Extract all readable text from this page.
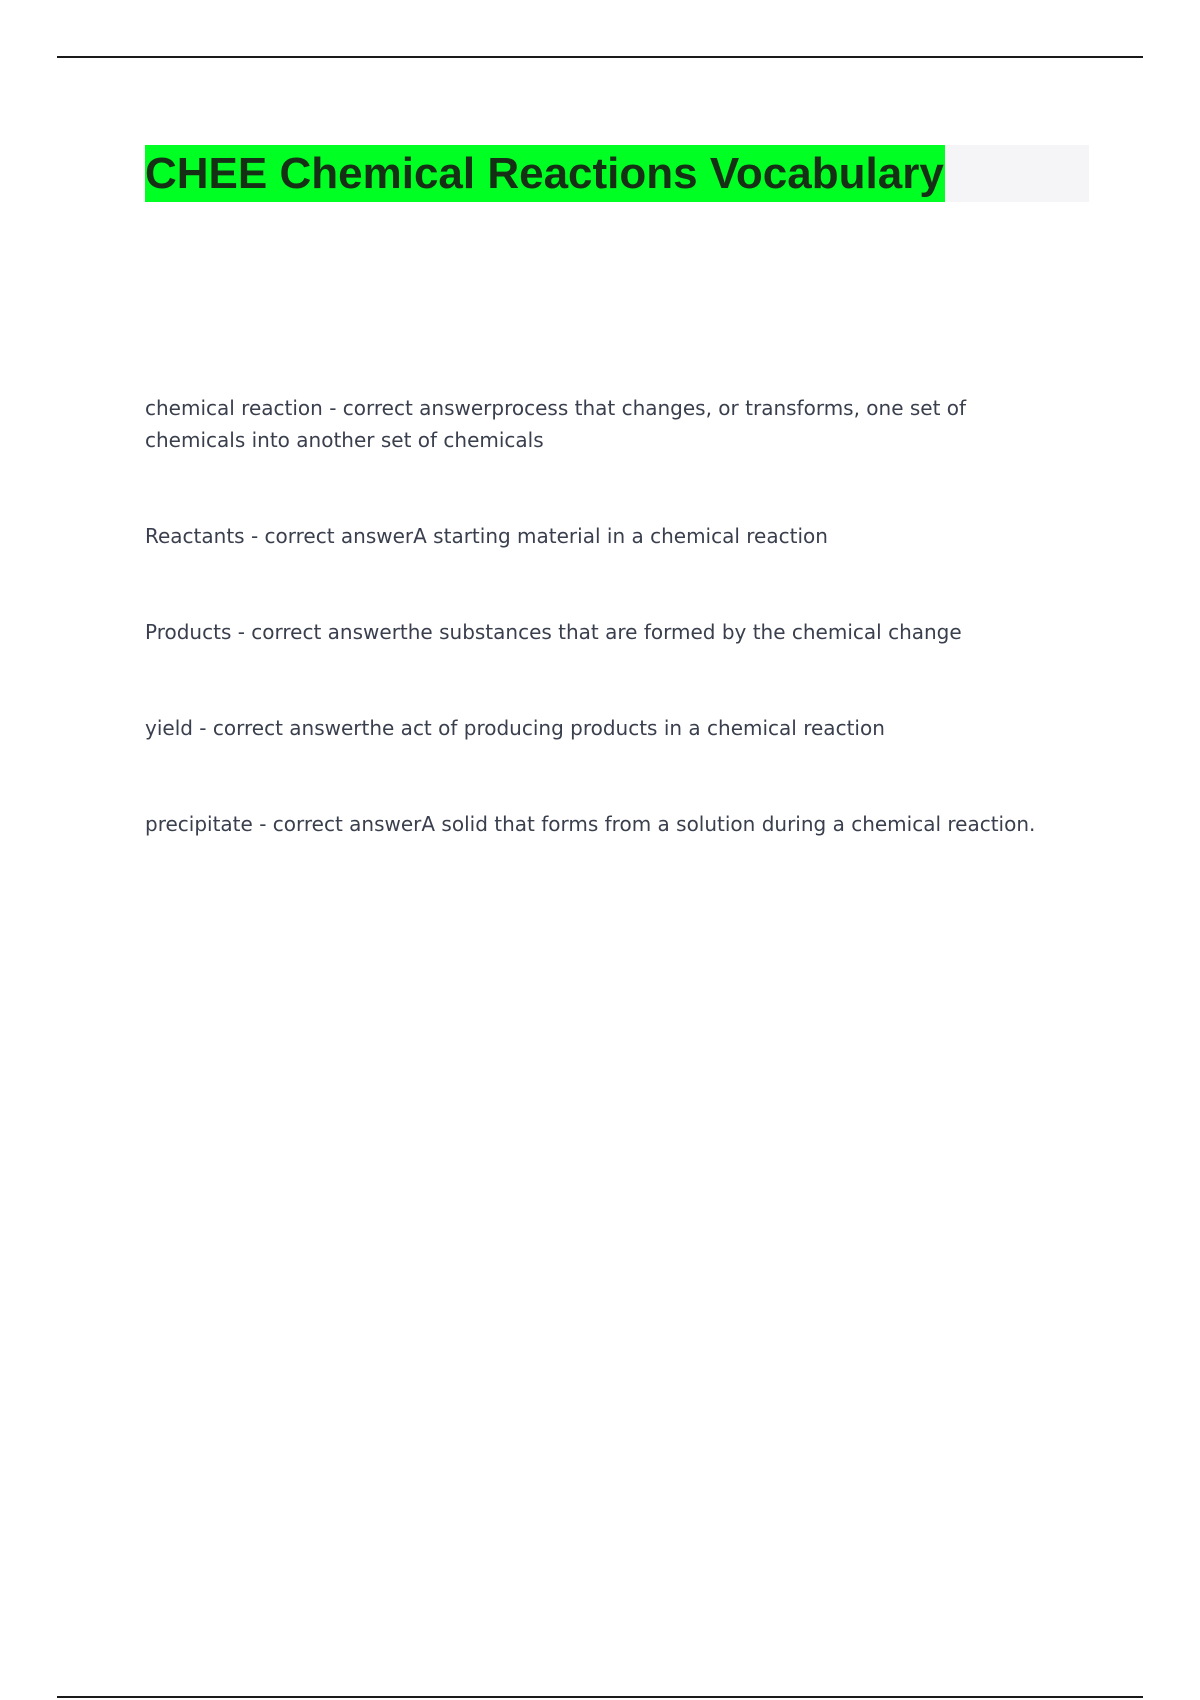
CHEE Chemical Reactions Vocabulary
chemical reaction - correct answerprocess that changes, or transforms, one set of chemicals into another set of chemicals
Reactants - correct answerA starting material in a chemical reaction
Products - correct answerthe substances that are formed by the chemical change
yield - correct answerthe act of producing products in a chemical reaction
precipitate - correct answerA solid that forms from a solution during a chemical reaction.
